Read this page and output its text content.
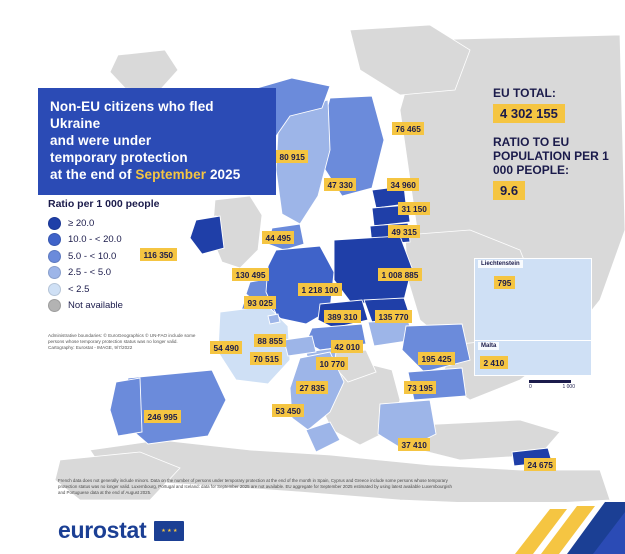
Non-EU citizens who fled Ukraine
and were under
temporary protection
at the end of September 2025
Ratio per 1 000 people
≥ 20.0
10.0 - < 20.0
5.0 - < 10.0
2.5 - < 5.0
< 2.5
Not available
Administrative boundaries: © EuroGeographics © UN-FAO include some persons whose temporary protection status was no longer valid. Cartography: Eurostat - IMAGE, 9/7/2022
EU TOTAL:
4 302 155
RATIO TO EU POPULATION PER 1 000 PEOPLE:
9.6
Liechtenstein
795
Malta
2 410
0	1 000
76 465
116 350
80 915
47 330	34 960
31 150
49 315
44 495
130 495
93 025
1 218 100
1 008 885
389 310	135 770
88 855
42 010
54 490
70 515	10 770	195 425
27 835	73 195
53 450
246 995
37 410
24 675
French data does not generally include minors. Data on the number of persons under temporary protection at the end of the month in Spain, Cyprus and Greece include some persons whose temporary protection status was no longer valid. Luxembourg, Portugal and Iceland: data for September 2025 are not available. EU aggregate for September 2025 estimated by using latest available Luxembourgish and Portuguese data at the end of August 2025.
eurostat	★ ★ ★
